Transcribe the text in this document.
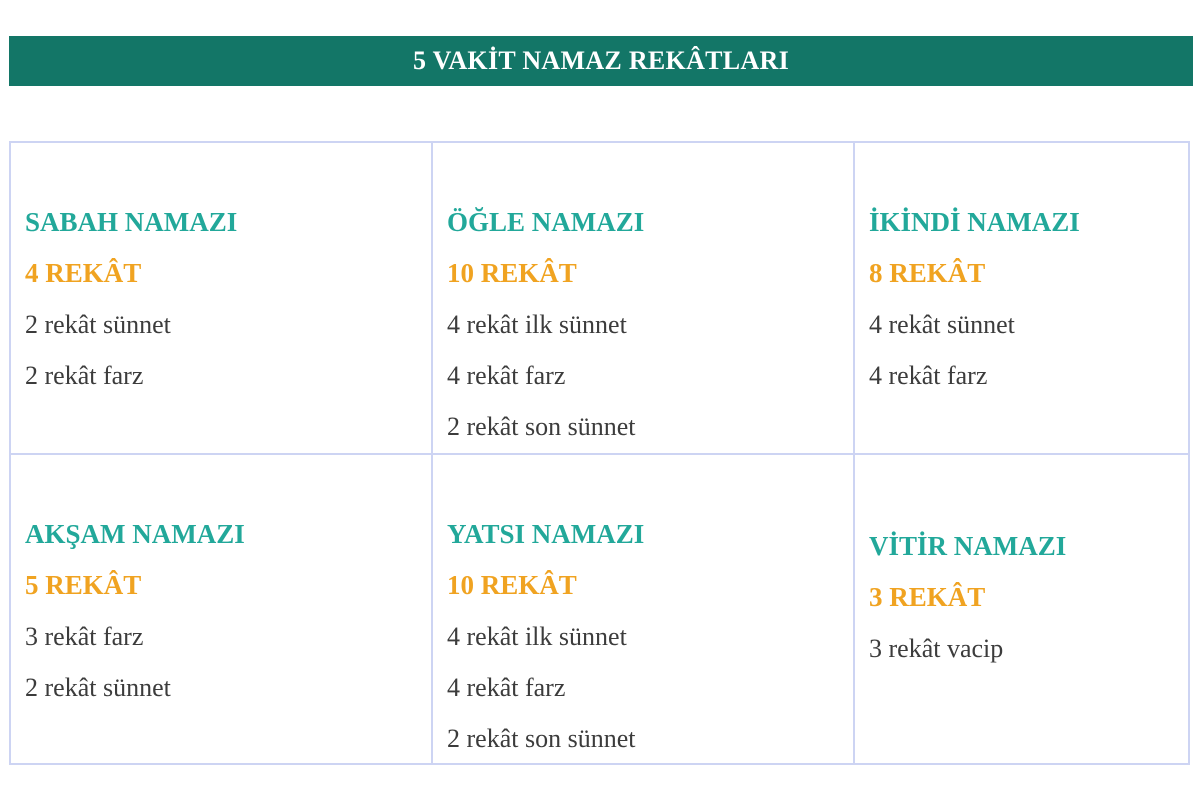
5 VAKİT NAMAZ REKÂTLARI
SABAH NAMAZI
4 REKÂT
2 rekât sünnet
2 rekât farz
ÖĞLE NAMAZI
10 REKÂT
4 rekât ilk sünnet
4 rekât farz
2 rekât son sünnet
İKİNDİ NAMAZI
8 REKÂT
4 rekât sünnet
4 rekât farz
AKŞAM NAMAZI
5 REKÂT
3 rekât farz
2 rekât sünnet
YATSI NAMAZI
10 REKÂT
4 rekât ilk sünnet
4 rekât farz
2 rekât son sünnet
VİTİR NAMAZI
3 REKÂT
3 rekât vacip
